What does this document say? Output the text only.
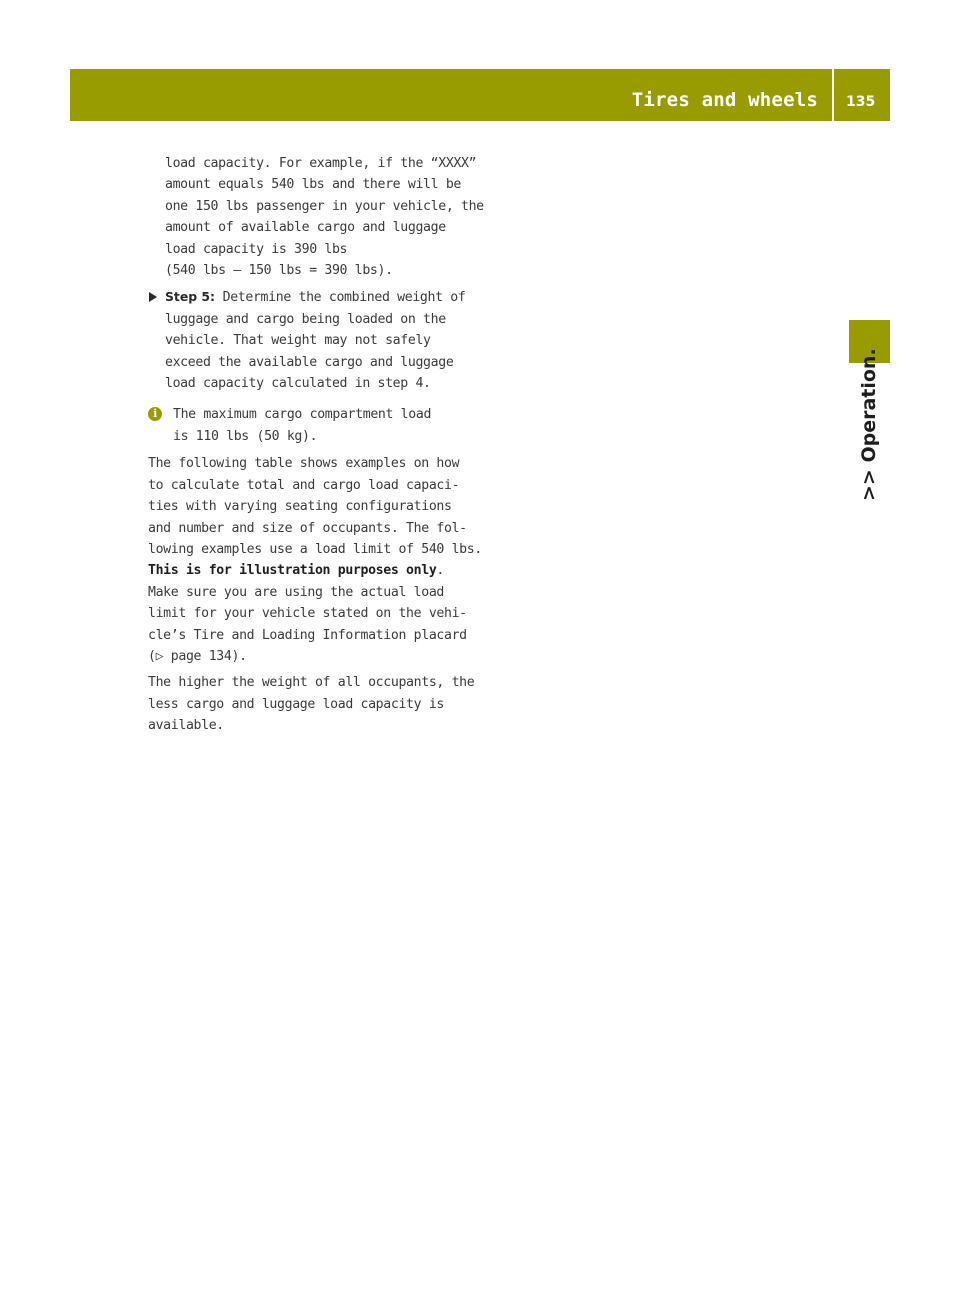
Tires and wheels 135
>> Operation.
load capacity. For example, if the “XXXX”
amount equals 540 lbs and there will be
one 150 lbs passenger in your vehicle, the
amount of available cargo and luggage
load capacity is 390 lbs
(540 lbs – 150 lbs = 390 lbs).
Step 5: Determine the combined weight of
luggage and cargo being loaded on the
vehicle. That weight may not safely
exceed the available cargo and luggage
load capacity calculated in step 4.
i	The maximum cargo compartment load
is 110 lbs (50 kg).
The following table shows examples on how
to calculate total and cargo load capaci-
ties with varying seating configurations
and number and size of occupants. The fol-
lowing examples use a load limit of 540 lbs.
This is for illustration purposes only.
Make sure you are using the actual load
limit for your vehicle stated on the vehi-
cle’s Tire and Loading Information placard
(▷ page 134).
The higher the weight of all occupants, the
less cargo and luggage load capacity is
available.
